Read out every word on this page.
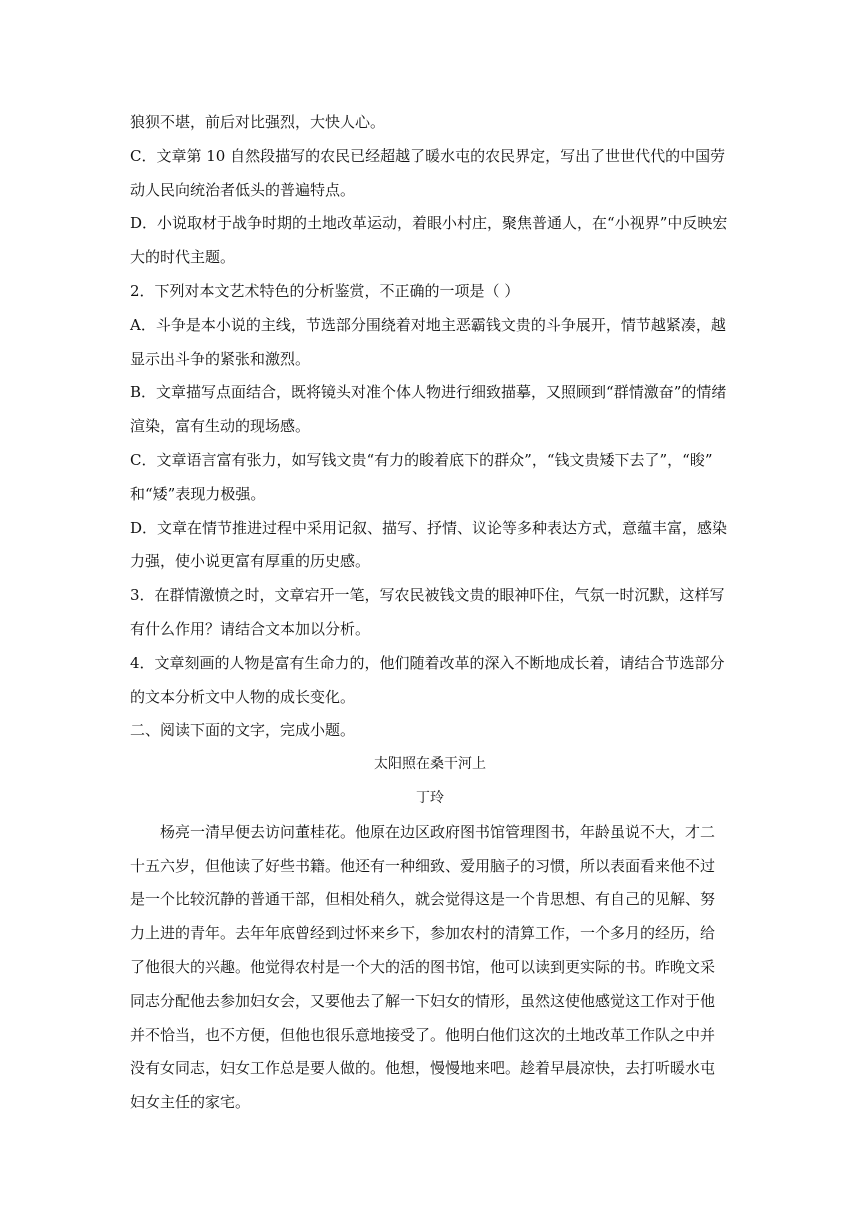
狼狈不堪，前后对比强烈，大快人心。
C．文章第 10 自然段描写的农民已经超越了暖水屯的农民界定，写出了世世代代的中国劳
动人民向统治者低头的普遍特点。
D．小说取材于战争时期的土地改革运动，着眼小村庄，聚焦普通人，在“小视界”中反映宏
大的时代主题。
2．下列对本文艺术特色的分析鉴赏，不正确的一项是（ ）
A．斗争是本小说的主线，节选部分围绕着对地主恶霸钱文贵的斗争展开，情节越紧凑，越
显示出斗争的紧张和激烈。
B．文章描写点面结合，既将镜头对准个体人物进行细致描摹，又照顾到“群情激奋”的情绪
渲染，富有生动的现场感。
C．文章语言富有张力，如写钱文贵“有力的睃着底下的群众”，“钱文贵矮下去了”，“睃”
和“矮”表现力极强。
D．文章在情节推进过程中采用记叙、描写、抒情、议论等多种表达方式，意蕴丰富，感染
力强，使小说更富有厚重的历史感。
3．在群情激愤之时，文章宕开一笔，写农民被钱文贵的眼神吓住，气氛一时沉默，这样写
有什么作用？请结合文本加以分析。
4．文章刻画的人物是富有生命力的，他们随着改革的深入不断地成长着，请结合节选部分
的文本分析文中人物的成长变化。
二、阅读下面的文字，完成小题。
太阳照在桑干河上
丁玲
杨亮一清早便去访问董桂花。他原在边区政府图书馆管理图书，年龄虽说不大，才二
十五六岁，但他读了好些书籍。他还有一种细致、爱用脑子的习惯，所以表面看来他不过
是一个比较沉静的普通干部，但相处稍久，就会觉得这是一个肯思想、有自己的见解、努
力上进的青年。去年年底曾经到过怀来乡下，参加农村的清算工作，一个多月的经历，给
了他很大的兴趣。他觉得农村是一个大的活的图书馆，他可以读到更实际的书。昨晚文采
同志分配他去参加妇女会，又要他去了解一下妇女的情形，虽然这使他感觉这工作对于他
并不恰当，也不方便，但他也很乐意地接受了。他明白他们这次的土地改革工作队之中并
没有女同志，妇女工作总是要人做的。他想，慢慢地来吧。趁着早晨凉快，去打听暖水屯
妇女主任的家宅。
